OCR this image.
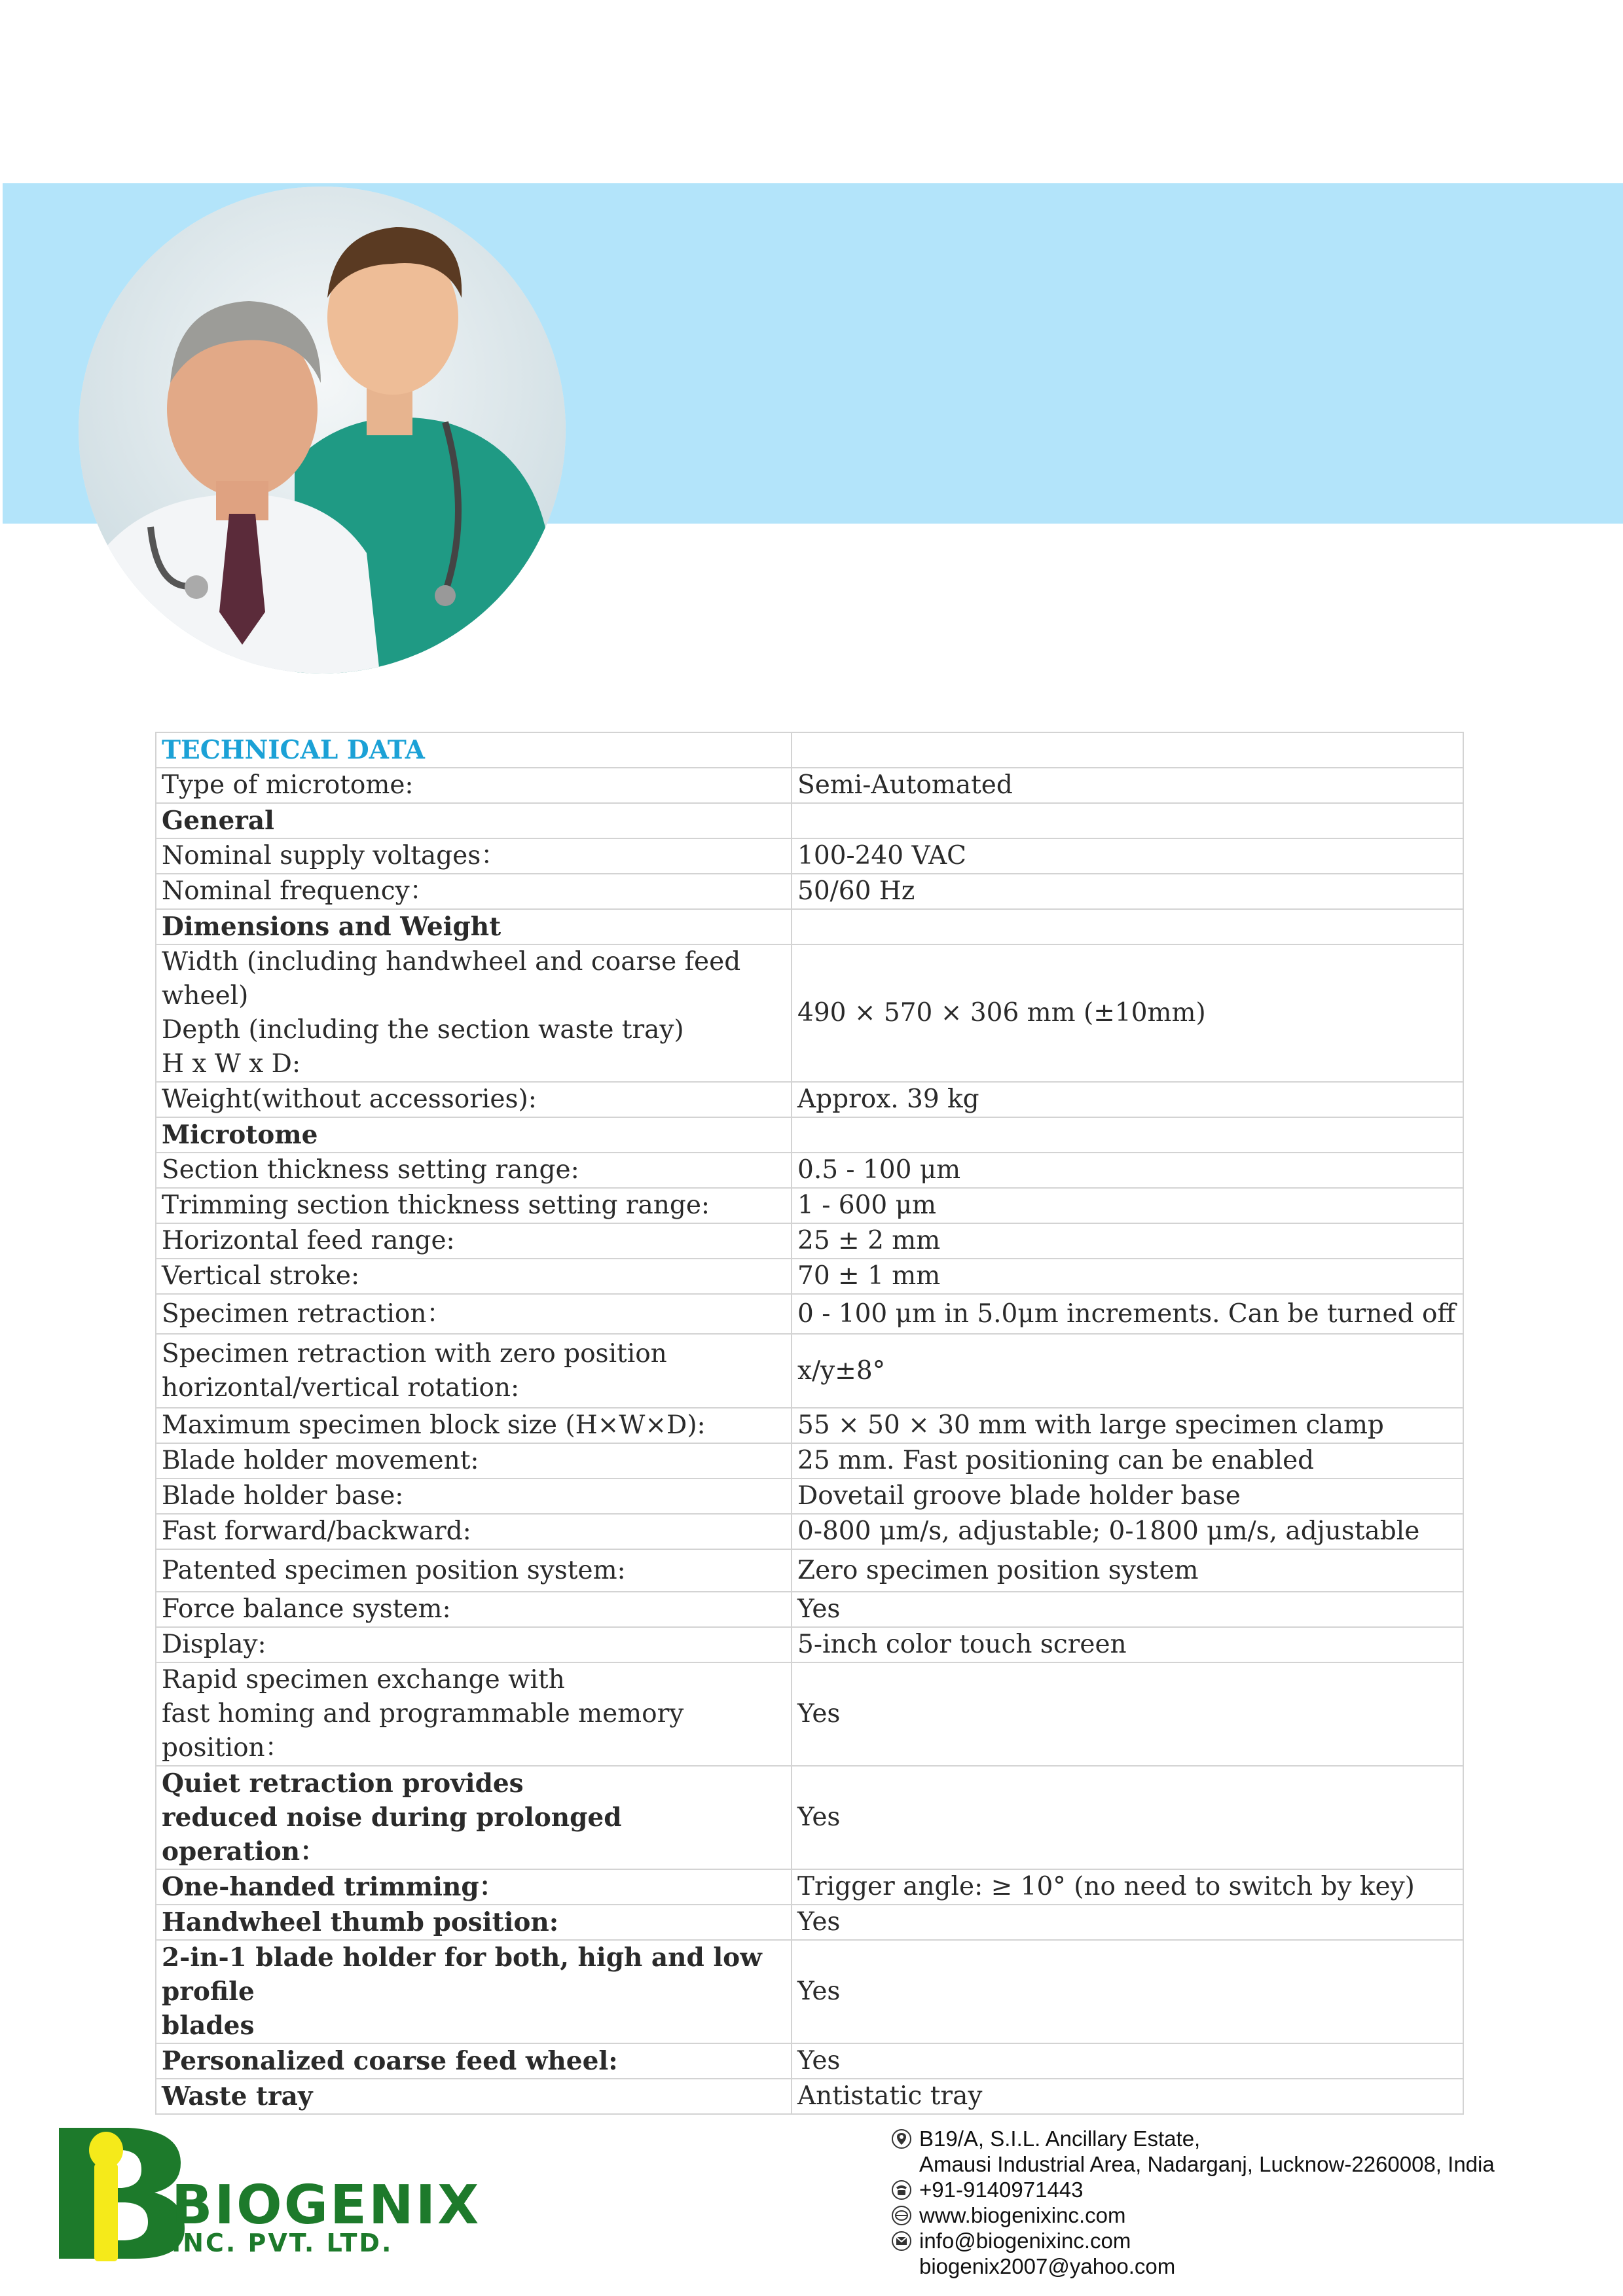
TECHNICAL DATA	
Type of microtome:	Semi-Automated
General	
Nominal supply voltages：	100-240 VAC
Nominal frequency：	50/60 Hz
Dimensions and Weight	

Width (including handwheel and coarse feed wheel)
Depth (including the section waste tray)
H x W x D:	490 × 570 × 306 mm (±10mm)
Weight(without accessories):	Approx. 39 kg
Microtome	
Section thickness setting range:	0.5 - 100 μm
Trimming section thickness setting range:	1 - 600 μm
Horizontal feed range:	25 ± 2 mm
Vertical stroke:	70 ± 1 mm
Specimen retraction：	0 - 100 μm in 5.0μm increments. Can be turned off

Specimen retraction with zero position
horizontal/vertical rotation:	x/y±8°
Maximum specimen block size (H×W×D):	55 × 50 × 30 mm with large specimen clamp
Blade holder movement:	25 mm. Fast positioning can be enabled
Blade holder base:	Dovetail groove blade holder base
Fast forward/backward:	0-800 μm/s, adjustable; 0-1800 μm/s, adjustable
Patented specimen position system:	Zero specimen position system
Force balance system:	Yes
Display:	5-inch color touch screen

Rapid specimen exchange with
fast homing and programmable memory position：	Yes

Quiet retraction provides
reduced noise during prolonged operation：	Yes
One-handed trimming：	Trigger angle: ≥ 10° (no need to switch by key)
Handwheel thumb position:	Yes

2-in-1 blade holder for both, high and low profile
blades	Yes
Personalized coarse feed wheel:	Yes
Waste tray	Antistatic tray
BIOGENIX
INC. PVT. LTD.
B19/A, S.I.L. Ancillary Estate,
Amausi Industrial Area, Nadarganj, Lucknow-2260008, India
+91-9140971443
www.biogenixinc.com
info@biogenixinc.com
biogenix2007@yahoo.com
